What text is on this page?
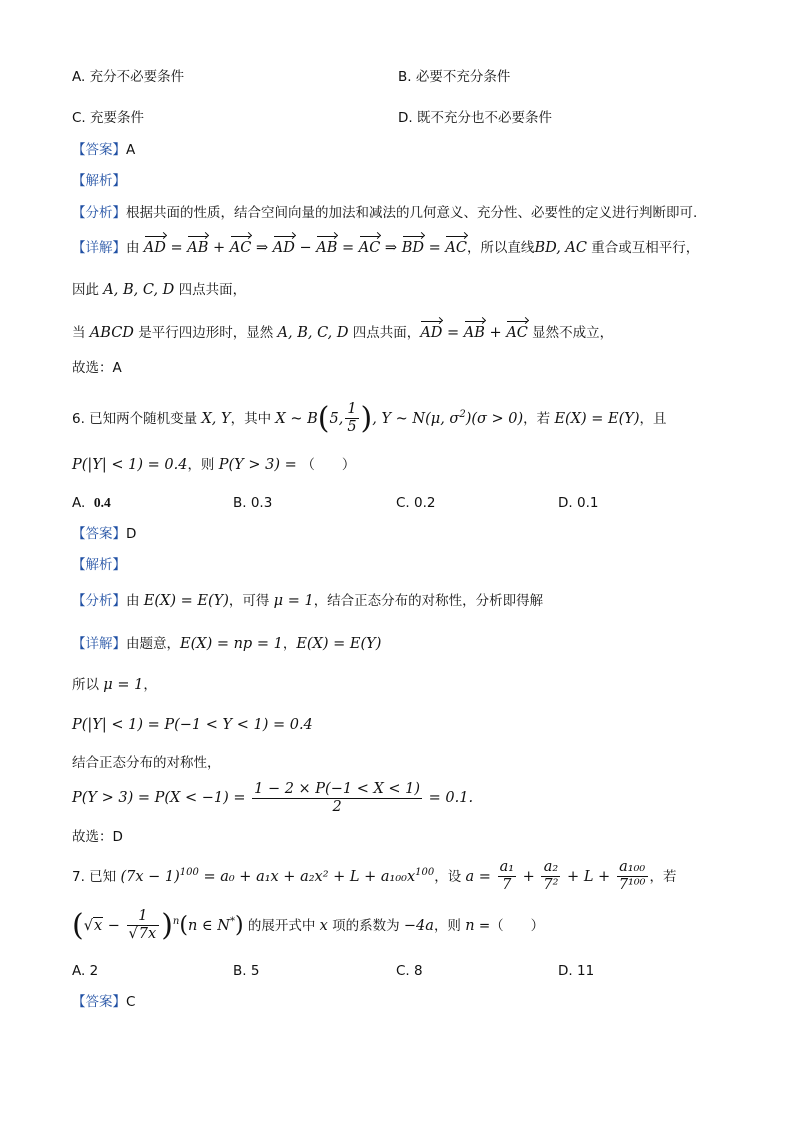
A. 充分不必要条件	B. 必要不充分条件
C. 充要条件	D. 既不充分也不必要条件
【答案】A
【解析】
【分析】根据共面的性质，结合空间向量的加法和减法的几何意义、充分性、必要性的定义进行判断即可.
【详解】由 AD = AB + AC ⇒ AD − AB = AC ⇒ BD = AC，所以直线BD, AC 重合或互相平行，
因此 A, B, C, D 四点共面，
当 ABCD 是平行四边形时，显然 A, B, C, D 四点共面，AD = AB + AC 显然不成立，
故选：A
6. 已知两个随机变量 X, Y，其中 X ~ B(5, $\frac{1}{5}$ ), Y ~ N(μ, $\sigma^2)(\sigma > 0)$，若 E(X) = E(Y)，且
P(|Y| < 1) = 0.4，则 P(Y > 3) = （　　）
A. 0.4	B. 0.3	C. 0.2	D. 0.1
【答案】D
【解析】
【分析】由 E(X) = E(Y)，可得 μ = 1，结合正态分布的对称性，分析即得解
【详解】由题意，E(X) = np = 1，E(X) = E(Y)
所以 μ = 1，
P(|Y| < 1) = P(−1 < Y < 1) = 0.4
结合正态分布的对称性，
$P(Y > 3) = P(X < -1) = \frac{1 - 2 \times P(-1 < X < 1)}{2} = 0.1$.
故选：D
7. 已知 $(7x - 1)^{100} = a_0 + a_1x + a_2x^2 + L + a_{100}x^{100}$，设 $a = \frac{\text{a₁}}{7} + \frac{\text{a₂}}{\text{7²}} + L + \frac{\text{a₁₀₀}}{\text{7¹⁰⁰}}$ ，若
$(√x - \frac{1}{√7x} )^n(n$ ∈ N*) 的展开式中 x 项的系数为 −4a，则 n =（　　）
A. 2	B. 5	C. 8	D. 11
【答案】C
